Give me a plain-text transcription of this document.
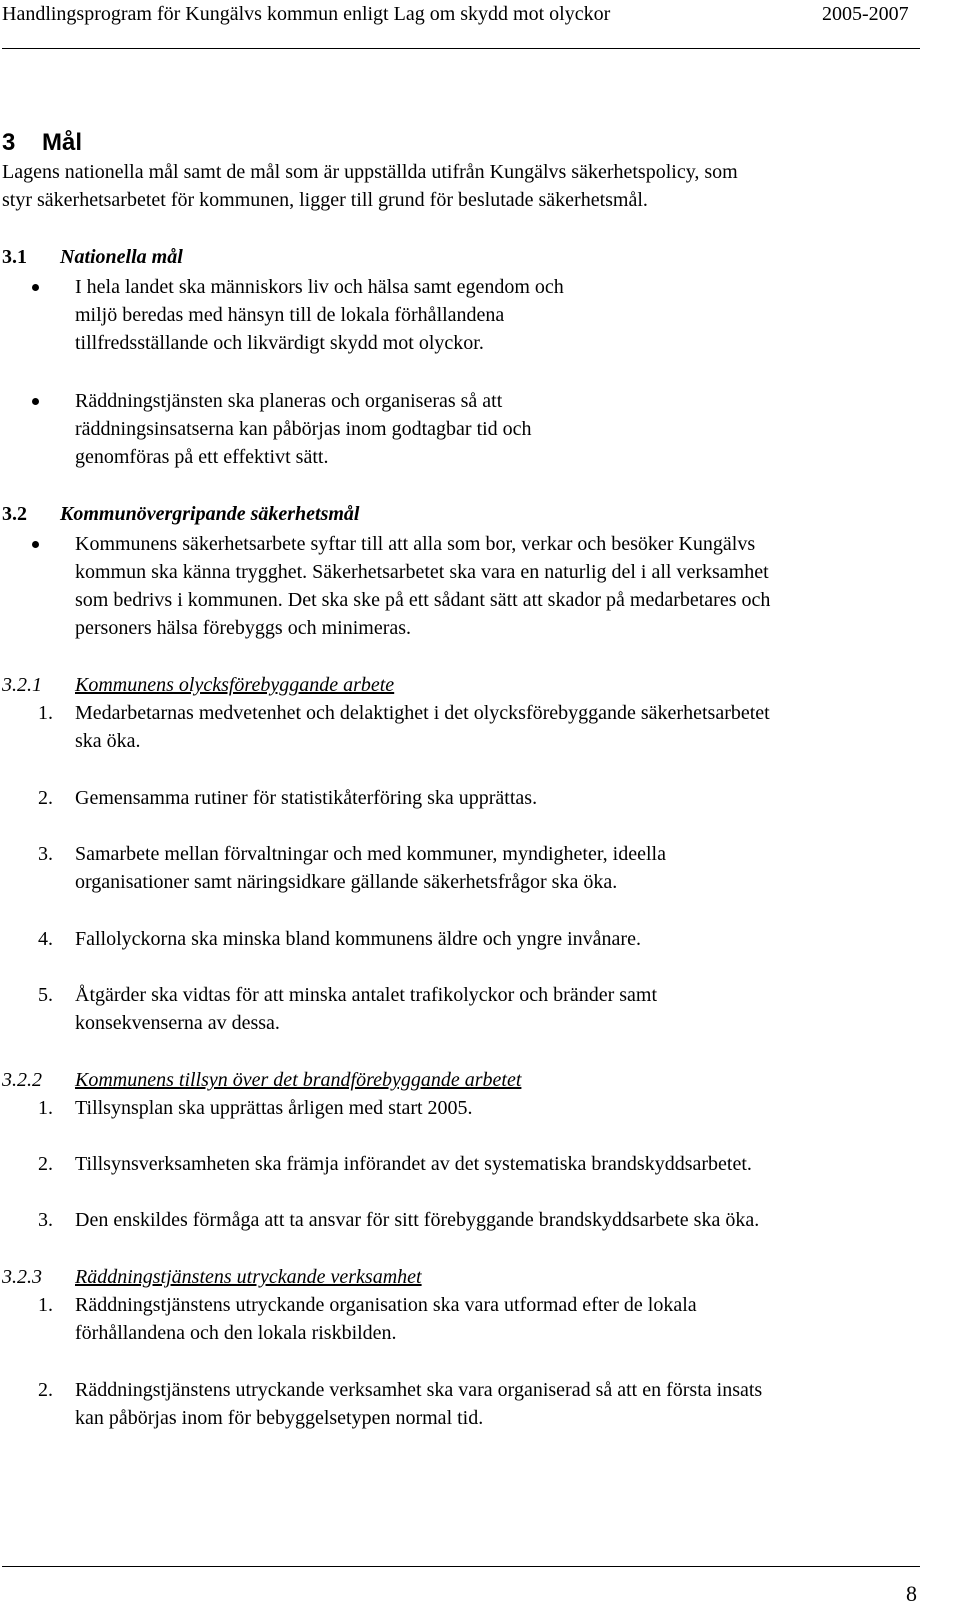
Handlingsprogram för Kungälvs kommun enligt Lag om skydd mot olyckor	2005-2007
3 Mål
Lagens nationella mål samt de mål som är uppställda utifrån Kungälvs säkerhetspolicy, som
styr säkerhetsarbetet för kommunen, ligger till grund för beslutade säkerhetsmål.
3.1 Nationella mål
I hela landet ska människors liv och hälsa samt egendom och
miljö beredas med hänsyn till de lokala förhållandena
tillfredsställande och likvärdigt skydd mot olyckor.
Räddningstjänsten ska planeras och organiseras så att
räddningsinsatserna kan påbörjas inom godtagbar tid och
genomföras på ett effektivt sätt.
3.2 Kommunövergripande säkerhetsmål
Kommunens säkerhetsarbete syftar till att alla som bor, verkar och besöker Kungälvs
kommun ska känna trygghet. Säkerhetsarbetet ska vara en naturlig del i all verksamhet
som bedrivs i kommunen. Det ska ske på ett sådant sätt att skador på medarbetares och
personers hälsa förebyggs och minimeras.
3.2.1 Kommunens olycksförebyggande arbete
1. Medarbetarnas medvetenhet och delaktighet i det olycksförebyggande säkerhetsarbetet
ska öka.
2. Gemensamma rutiner för statistikåterföring ska upprättas.
3. Samarbete mellan förvaltningar och med kommuner, myndigheter, ideella
organisationer samt näringsidkare gällande säkerhetsfrågor ska öka.
4. Fallolyckorna ska minska bland kommunens äldre och yngre invånare.
5. Åtgärder ska vidtas för att minska antalet trafikolyckor och bränder samt
konsekvenserna av dessa.
3.2.2 Kommunens tillsyn över det brandförebyggande arbetet
1. Tillsynsplan ska upprättas årligen med start 2005.
2. Tillsynsverksamheten ska främja införandet av det systematiska brandskyddsarbetet.
3. Den enskildes förmåga att ta ansvar för sitt förebyggande brandskyddsarbete ska öka.
3.2.3 Räddningstjänstens utryckande verksamhet
1. Räddningstjänstens utryckande organisation ska vara utformad efter de lokala
förhållandena och den lokala riskbilden.
2. Räddningstjänstens utryckande verksamhet ska vara organiserad så att en första insats
kan påbörjas inom för bebyggelsetypen normal tid.
8
